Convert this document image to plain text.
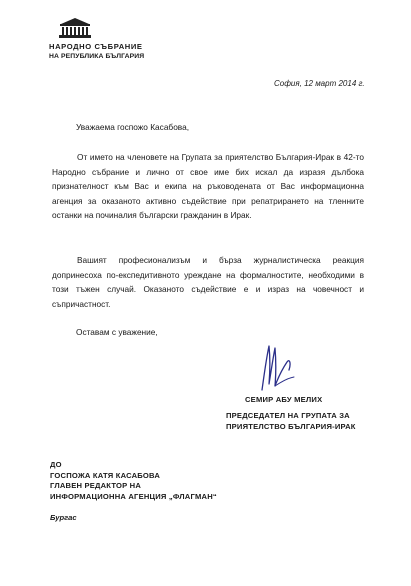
НАРОДНО СЪБРАНИЕ
НА РЕПУБЛИКА БЪЛГАРИЯ
София, 12 март 2014 г.
Уважаема госпожо Касабова,
От името на членовете на Групата за приятелство България-Ирак в 42-то Народно събрание и лично от свое име бих искал да изразя дълбока признателност към Вас и екипа на ръководената от Вас информационна агенция за оказаното активно съдействие при репатрирането на тленните останки на починалия български гражданин в Ирак.
Вашият професионализъм и бърза журналистическа реакция допринесоха по-експедитивното уреждане на формалностите, необходими в този тъжен случай. Оказаното съдействие е и израз на човечност и съпричастност.
Оставам с уважение,
СЕМИР АБУ МЕЛИХ
ПРЕДСЕДАТЕЛ НА ГРУПАТА ЗА
ПРИЯТЕЛСТВО БЪЛГАРИЯ-ИРАК
ДО
ГОСПОЖА КАТЯ КАСАБОВА
ГЛАВЕН РЕДАКТОР НА
ИНФОРМАЦИОННА АГЕНЦИЯ „ФЛАГМАН“
Бургас
